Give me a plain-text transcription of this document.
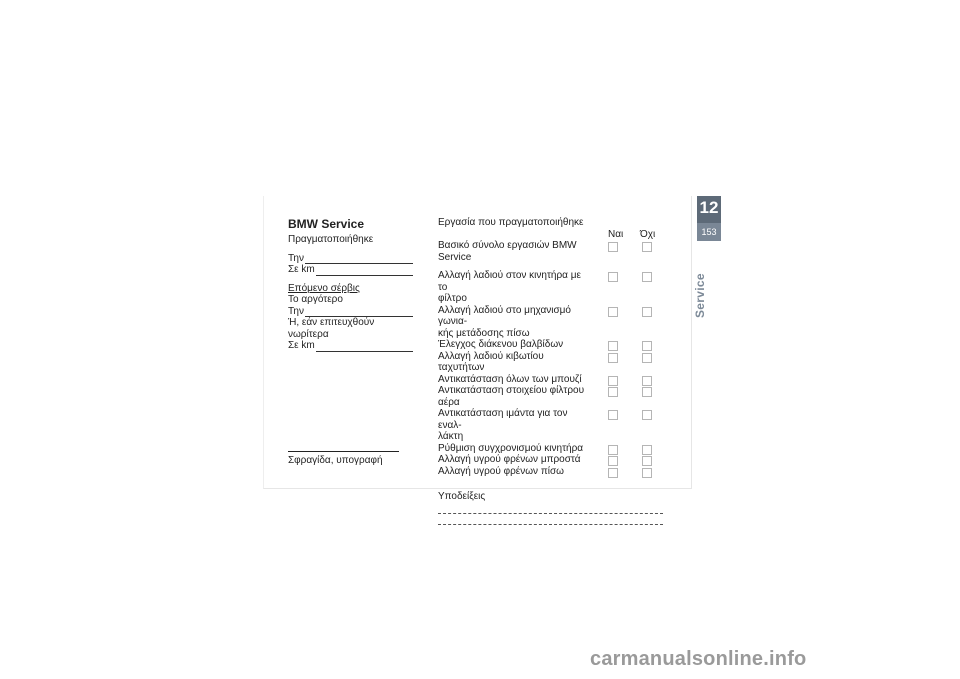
BMW Service
Πραγματοποιήθηκε
Την
Σε km
Επόμενο σέρβις
Το αργότερο
Την
Ή, εάν επιτευχθούν νωρίτερα
Σε km
Σφραγίδα, υπογραφή
Εργασία που πραγματοποιήθηκε
Ναι Όχι
Βασικό σύνολο εργασιών BMW
Service
Αλλαγή λαδιού στον κινητήρα με το
φίλτρο
Αλλαγή λαδιού στο μηχανισμό γωνια-
κής μετάδοσης πίσω
Έλεγχος διάκενου βαλβίδων
Αλλαγή λαδιού κιβωτίου ταχυτήτων
Αντικατάσταση όλων των μπουζί
Αντικατάσταση στοιχείου φίλτρου
αέρα
Αντικατάσταση ιμάντα για τον εναλ-
λάκτη
Ρύθμιση συγχρονισμού κινητήρα
Αλλαγή υγρού φρένων μπροστά
Αλλαγή υγρού φρένων πίσω
Υποδείξεις
12
153
Service
carmanualsonline.info
